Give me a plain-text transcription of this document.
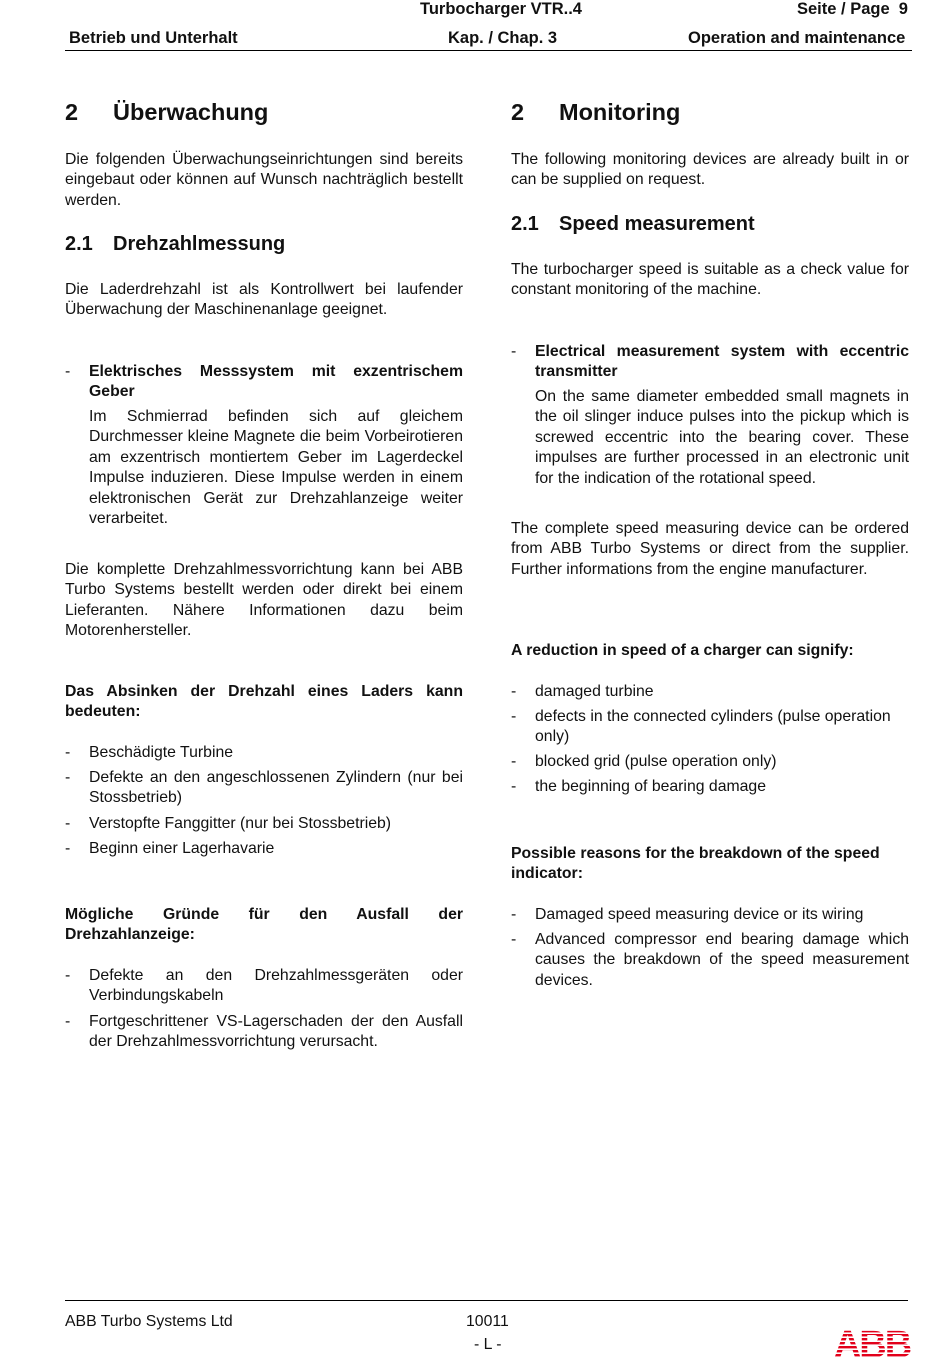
Turbocharger VTR..4	Seite / Page  9
Betrieb und Unterhalt	Kap. / Chap. 3	Operation and maintenance
2 Überwachung
Die folgenden Überwachungseinrichtungen sind bereits eingebaut oder können auf Wunsch nachträglich bestellt werden.
2.1 Drehzahlmessung
Die Laderdrehzahl ist als Kontrollwert bei laufender Überwachung der Maschinenanlage geeignet.
- Elektrisches Messsystem mit exzentrischem Geber
Im Schmierrad befinden sich auf gleichem Durchmesser kleine Magnete die beim Vorbeirotieren am exzentrisch montiertem Geber im Lagerdeckel Impulse induzieren. Diese Impulse werden in einem elektronischen Gerät zur Drehzahlanzeige weiter verarbeitet.
Die komplette Drehzahlmessvorrichtung kann bei ABB Turbo Systems bestellt werden oder direkt bei einem Lieferanten. Nähere Informationen dazu beim Motorenhersteller.
Das Absinken der Drehzahl eines Laders kann bedeuten:
- Beschädigte Turbine
- Defekte an den angeschlossenen Zylindern (nur bei Stossbetrieb)
- Verstopfte Fanggitter (nur bei Stossbetrieb)
- Beginn einer Lagerhavarie
Mögliche Gründe für den Ausfall der Drehzahlanzeige:
- Defekte an den Drehzahlmessgeräten oder Verbindungskabeln
- Fortgeschrittener VS-Lagerschaden der den Ausfall der Drehzahlmessvorrichtung verursacht.
2 Monitoring
The following monitoring devices are already built in or can be supplied on request.
2.1 Speed measurement
The turbocharger speed is suitable as a check value for constant monitoring of the machine.
- Electrical measurement system with eccentric transmitter
On the same diameter embedded small magnets in the oil slinger induce pulses into the pickup which is screwed eccentric into the bearing cover. These impulses are further processed in an electronic unit for the indication of the rotational speed.
The complete speed measuring device can be ordered from ABB Turbo Systems or direct from the supplier. Further informations from the engine manufacturer.
A reduction in speed of a charger can signify:
- damaged turbine
- defects in the connected cylinders (pulse operation only)
- blocked grid (pulse operation only)
- the beginning of bearing damage
Possible reasons for the breakdown of the speed indicator:
- Damaged speed measuring device or its wiring
- Advanced compressor end bearing damage which causes the breakdown of the speed measurement devices.
ABB Turbo Systems Ltd	10011
- L -	ABB
